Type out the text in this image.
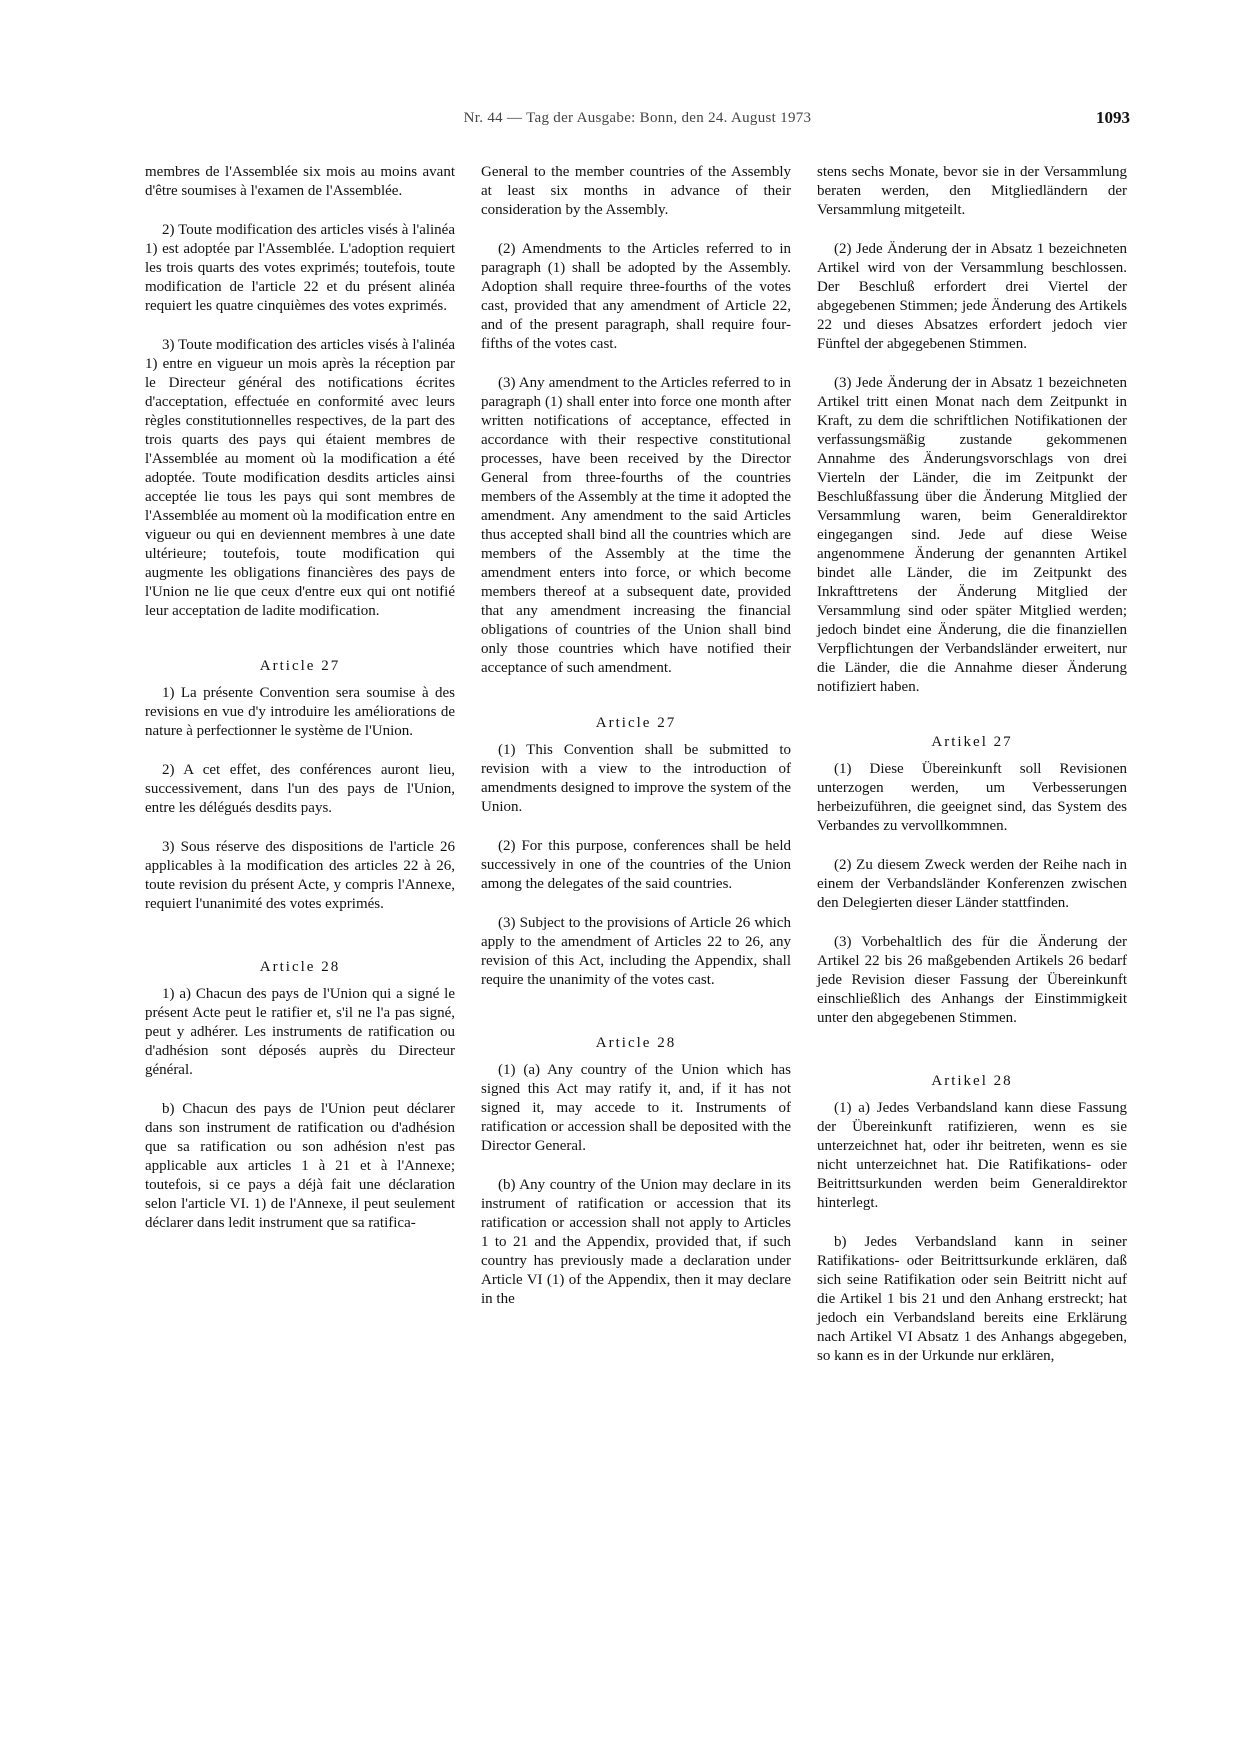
Nr. 44 — Tag der Ausgabe: Bonn, den 24. August 1973	1093

membres de l'Assemblée six mois au moins avant d'être soumises à l'examen de l'Assemblée.

2) Toute modification des articles visés à l'alinéa 1) est adoptée par l'Assemblée. L'adoption requiert les trois quarts des votes exprimés; toutefois, toute modification de l'article 22 et du présent alinéa requiert les quatre cinquièmes des votes exprimés.

3) Toute modification des articles visés à l'alinéa 1) entre en vigueur un mois après la réception par le Directeur général des notifications écrites d'acceptation, effectuée en conformité avec leurs règles constitutionnelles respectives, de la part des trois quarts des pays qui étaient membres de l'Assemblée au moment où la modification a été adoptée. Toute modification desdits articles ainsi acceptée lie tous les pays qui sont membres de l'Assemblée au moment où la modification entre en vigueur ou qui en deviennent membres à une date ultérieure; toutefois, toute modification qui augmente les obligations financières des pays de l'Union ne lie que ceux d'entre eux qui ont notifié leur acceptation de ladite modification.

Article 27

1) La présente Convention sera soumise à des revisions en vue d'y introduire les améliorations de nature à perfectionner le système de l'Union.

2) A cet effet, des conférences auront lieu, successivement, dans l'un des pays de l'Union, entre les délégués desdits pays.

3) Sous réserve des dispositions de l'article 26 applicables à la modification des articles 22 à 26, toute revision du présent Acte, y compris l'Annexe, requiert l'unanimité des votes exprimés.

Article 28

1) a) Chacun des pays de l'Union qui a signé le présent Acte peut le ratifier et, s'il ne l'a pas signé, peut y adhérer. Les instruments de ratification ou d'adhésion sont déposés auprès du Directeur général.

b) Chacun des pays de l'Union peut déclarer dans son instrument de ratification ou d'adhésion que sa ratification ou son adhésion n'est pas applicable aux articles 1 à 21 et à l'Annexe; toutefois, si ce pays a déjà fait une déclaration selon l'article VI. 1) de l'Annexe, il peut seulement déclarer dans ledit instrument que sa ratifica-

General to the member countries of the Assembly at least six months in advance of their consideration by the Assembly.

(2) Amendments to the Articles referred to in paragraph (1) shall be adopted by the Assembly. Adoption shall require three-fourths of the votes cast, provided that any amendment of Article 22, and of the present paragraph, shall require four-fifths of the votes cast.

(3) Any amendment to the Articles referred to in paragraph (1) shall enter into force one month after written notifications of acceptance, effected in accordance with their respective constitutional processes, have been received by the Director General from three-fourths of the countries members of the Assembly at the time it adopted the amendment. Any amendment to the said Articles thus accepted shall bind all the countries which are members of the Assembly at the time the amendment enters into force, or which become members thereof at a subsequent date, provided that any amendment increasing the financial obligations of countries of the Union shall bind only those countries which have notified their acceptance of such amendment.

Article 27

(1) This Convention shall be submitted to revision with a view to the introduction of amendments designed to improve the system of the Union.

(2) For this purpose, conferences shall be held successively in one of the countries of the Union among the delegates of the said countries.

(3) Subject to the provisions of Article 26 which apply to the amendment of Articles 22 to 26, any revision of this Act, including the Appendix, shall require the unanimity of the votes cast.

Article 28

(1) (a) Any country of the Union which has signed this Act may ratify it, and, if it has not signed it, may accede to it. Instruments of ratification or accession shall be deposited with the Director General.

(b) Any country of the Union may declare in its instrument of ratification or accession that its ratification or accession shall not apply to Articles 1 to 21 and the Appendix, provided that, if such country has previously made a declaration under Article VI (1) of the Appendix, then it may declare in the

stens sechs Monate, bevor sie in der Versammlung beraten werden, den Mitgliedländern der Versammlung mitgeteilt.

(2) Jede Änderung der in Absatz 1 bezeichneten Artikel wird von der Versammlung beschlossen. Der Beschluß erfordert drei Viertel der abgegebenen Stimmen; jede Änderung des Artikels 22 und dieses Absatzes erfordert jedoch vier Fünftel der abgegebenen Stimmen.

(3) Jede Änderung der in Absatz 1 bezeichneten Artikel tritt einen Monat nach dem Zeitpunkt in Kraft, zu dem die schriftlichen Notifikationen der verfassungsmäßig zustande gekommenen Annahme des Änderungsvorschlags von drei Vierteln der Länder, die im Zeitpunkt der Beschlußfassung über die Änderung Mitglied der Versammlung waren, beim Generaldirektor eingegangen sind. Jede auf diese Weise angenommene Änderung der genannten Artikel bindet alle Länder, die im Zeitpunkt des Inkrafttretens der Änderung Mitglied der Versammlung sind oder später Mitglied werden; jedoch bindet eine Änderung, die die finanziellen Verpflichtungen der Verbandsländer erweitert, nur die Länder, die die Annahme dieser Änderung notifiziert haben.

Artikel 27

(1) Diese Übereinkunft soll Revisionen unterzogen werden, um Verbesserungen herbeizuführen, die geeignet sind, das System des Verbandes zu vervollkommnen.

(2) Zu diesem Zweck werden der Reihe nach in einem der Verbandsländer Konferenzen zwischen den Delegierten dieser Länder stattfinden.

(3) Vorbehaltlich des für die Änderung der Artikel 22 bis 26 maßgebenden Artikels 26 bedarf jede Revision dieser Fassung der Übereinkunft einschließlich des Anhangs der Einstimmigkeit unter den abgegebenen Stimmen.

Artikel 28

(1) a) Jedes Verbandsland kann diese Fassung der Übereinkunft ratifizieren, wenn es sie unterzeichnet hat, oder ihr beitreten, wenn es sie nicht unterzeichnet hat. Die Ratifikations- oder Beitrittsurkunden werden beim Generaldirektor hinterlegt.

b) Jedes Verbandsland kann in seiner Ratifikations- oder Beitrittsurkunde erklären, daß sich seine Ratifikation oder sein Beitritt nicht auf die Artikel 1 bis 21 und den Anhang erstreckt; hat jedoch ein Verbandsland bereits eine Erklärung nach Artikel VI Absatz 1 des Anhangs abgegeben, so kann es in der Urkunde nur erklären,
